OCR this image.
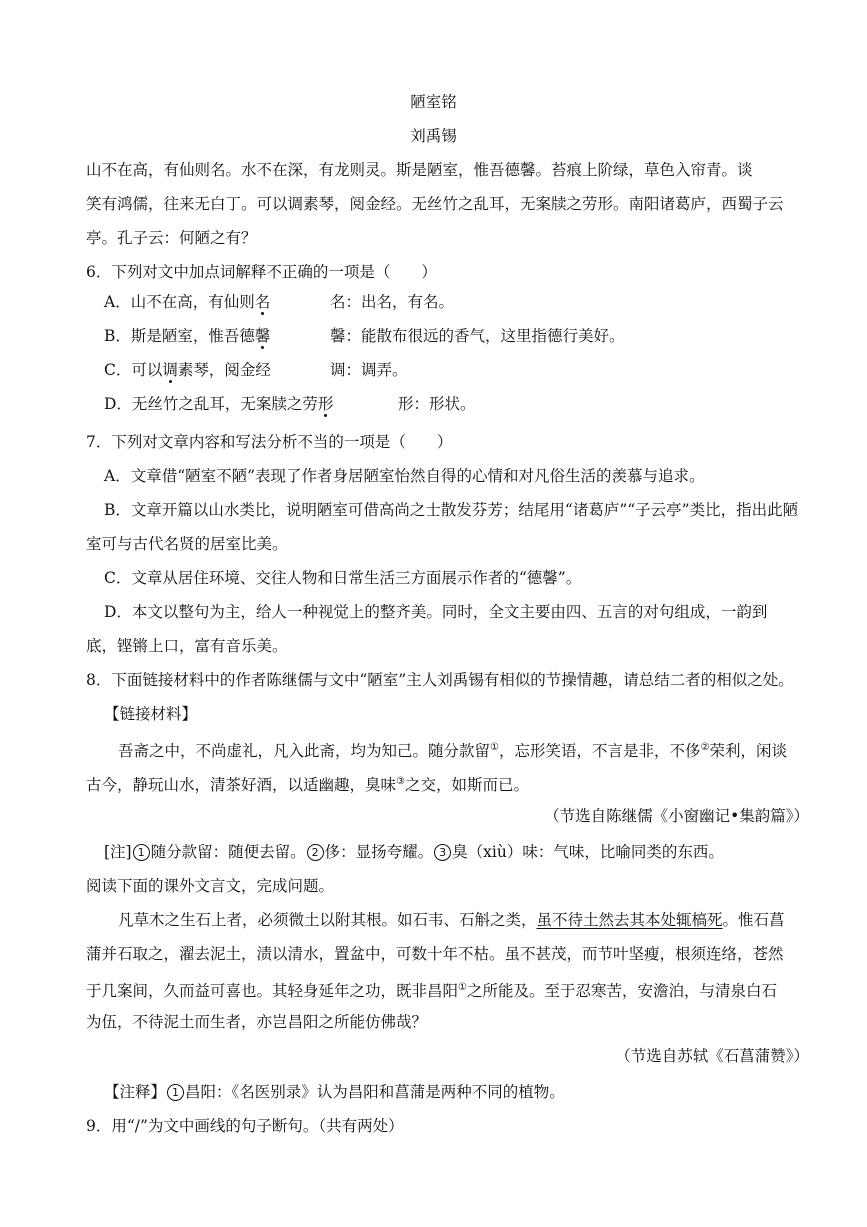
陋室铭
刘禹锡
山不在高，有仙则名。水不在深，有龙则灵。斯是陋室，惟吾德馨。苔痕上阶绿，草色入帘青。谈
笑有鸿儒，往来无白丁。可以调素琴，阅金经。无丝竹之乱耳，无案牍之劳形。南阳诸葛庐，西蜀子云
亭。孔子云：何陋之有？
6．下列对文中加点词解释不正确的一项是（　　）
A．山不在高，有仙则名	名：出名，有名。
B．斯是陋室，惟吾德馨	馨：能散布很远的香气，这里指德行美好。
C．可以调素琴，阅金经	调：调弄。
D．无丝竹之乱耳，无案牍之劳形	形：形状。
7．下列对文章内容和写法分析不当的一项是（　　）
A．文章借“陋室不陋”表现了作者身居陋室怡然自得的心情和对凡俗生活的羡慕与追求。
B．文章开篇以山水类比，说明陋室可借高尚之士散发芬芳；结尾用“诸葛庐”“子云亭”类比，指出此陋
室可与古代名贤的居室比美。
C．文章从居住环境、交往人物和日常生活三方面展示作者的“德馨”。
D．本文以整句为主，给人一种视觉上的整齐美。同时，全文主要由四、五言的对句组成，一韵到
底，铿锵上口，富有音乐美。
8．下面链接材料中的作者陈继儒与文中“陋室”主人刘禹锡有相似的节操情趣，请总结二者的相似之处。
【链接材料】
吾斋之中，不尚虚礼，凡入此斋，均为知己。随分款留①，忘形笑语，不言是非，不侈②荣利，闲谈
古今，静玩山水，清茶好酒，以适幽趣，臭味③之交，如斯而已。
（节选自陈继儒《小窗幽记•集韵篇》）
[注] 1 随分款留：随便去留。 2 侈：显扬夸耀。 3 臭（xiù）味：气味，比喻同类的东西。
阅读下面的课外文言文，完成问题。
凡草木之生石上者，必须微土以附其根。如石韦、石斛之类，虽不待土然去其本处辄槁死。惟石菖
蒲并石取之，濯去泥土，渍以清水，置盆中，可数十年不枯。虽不甚茂，而节叶坚瘦，根须连络，苍然
于几案间，久而益可喜也。其轻身延年之功，既非昌阳①之所能及。至于忍寒苦，安澹泊，与清泉白石
为伍，不待泥土而生者，亦岂昌阳之所能仿佛哉？
（节选自苏轼《石菖蒲赞》）
【注释】 1 昌阳：《名医别录》认为昌阳和菖蒲是两种不同的植物。
9．用“/”为文中画线的句子断句。（共有两处）
